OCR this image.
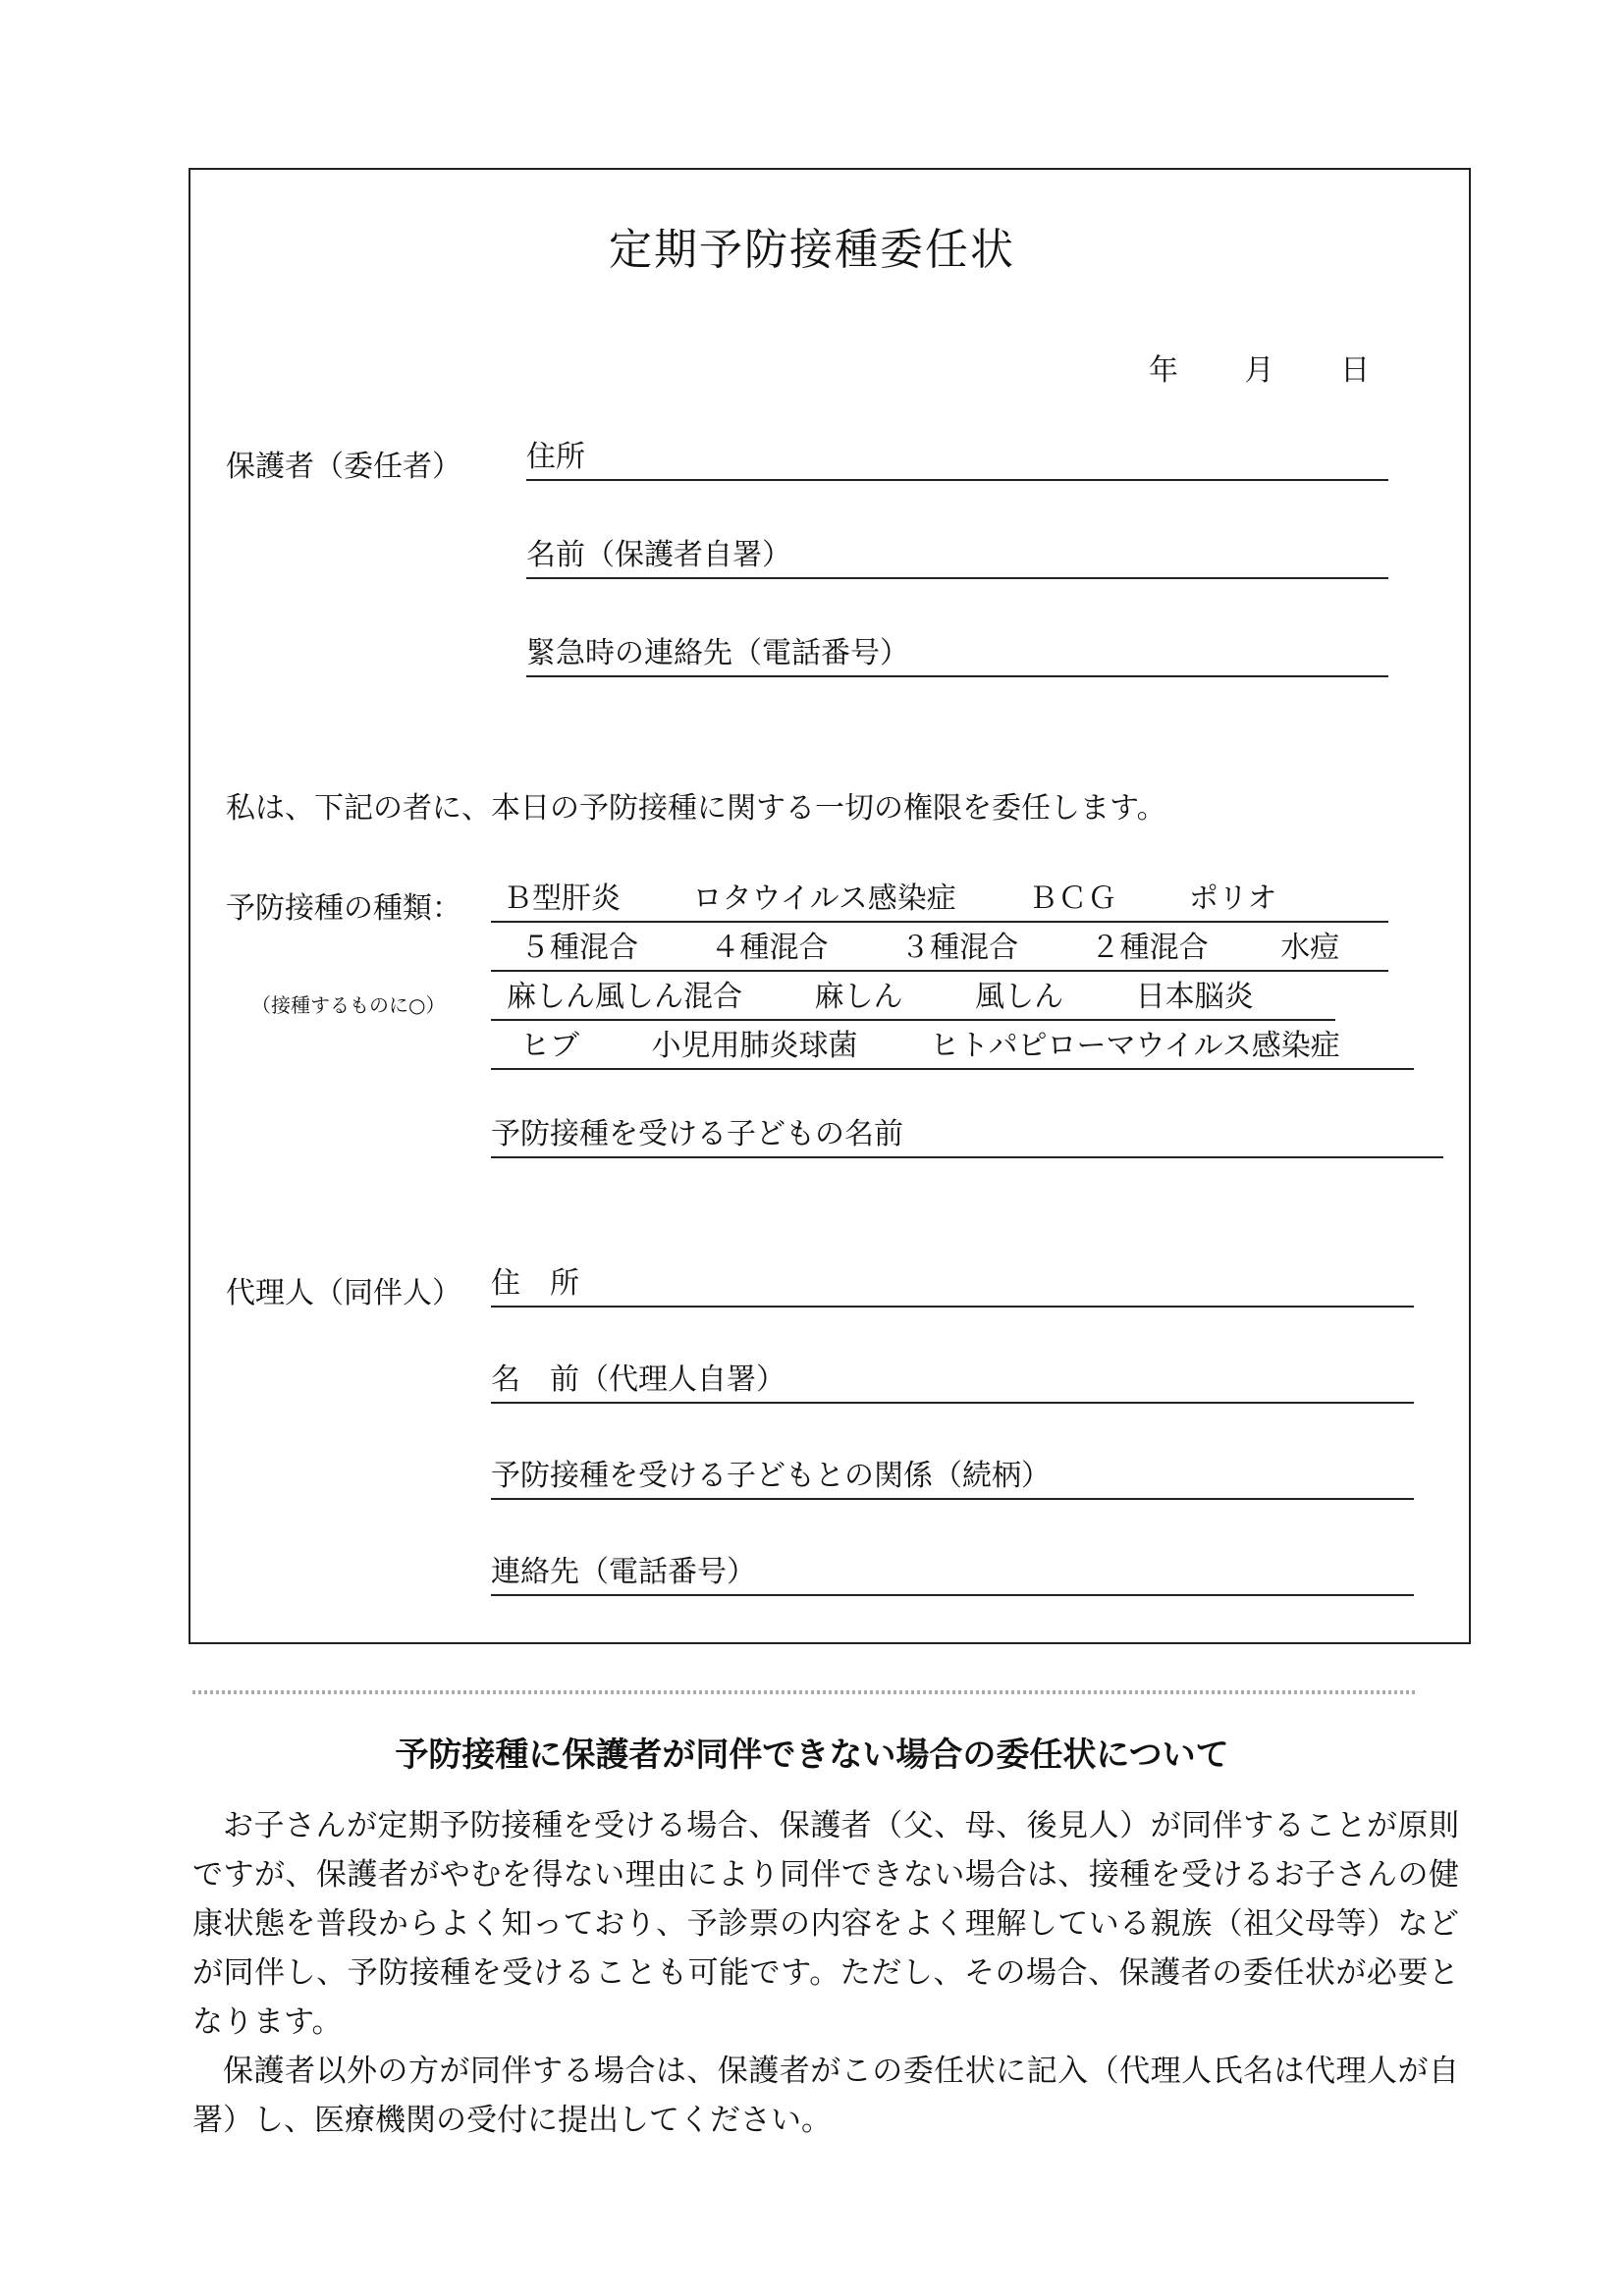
定期予防接種委任状
年 月 日
保護者（委任者） 住所
名前（保護者自署）
緊急時の連絡先（電話番号）
私は、下記の者に、本日の予防接種に関する一切の権限を委任します。
予防接種の種類：	Ｂ型肝炎 ロタウイルス感染症 ＢＣＧ ポリオ
５種混合 ４種混合 ３種混合 ２種混合 水痘
（接種するものに○）	麻しん風しん混合 麻しん 風しん 日本脳炎
ヒブ 小児用肺炎球菌 ヒトパピローマウイルス感染症
予防接種を受ける子どもの名前
代理人（同伴人） 住　所
名　前（代理人自署）
予防接種を受ける子どもとの関係（続柄）
連絡先（電話番号）
予防接種に保護者が同伴できない場合の委任状について

お子さんが定期予防接種を受ける場合、保護者（父、母、後見人）が同伴することが原則ですが、保護者がやむを得ない理由により同伴できない場合は、接種を受けるお子さんの健康状態を普段からよく知っており、予診票の内容をよく理解している親族（祖父母等）などが同伴し、予防接種を受けることも可能です。ただし、その場合、保護者の委任状が必要となります。

保護者以外の方が同伴する場合は、保護者がこの委任状に記入（代理人氏名は代理人が自署）し、医療機関の受付に提出してください。
